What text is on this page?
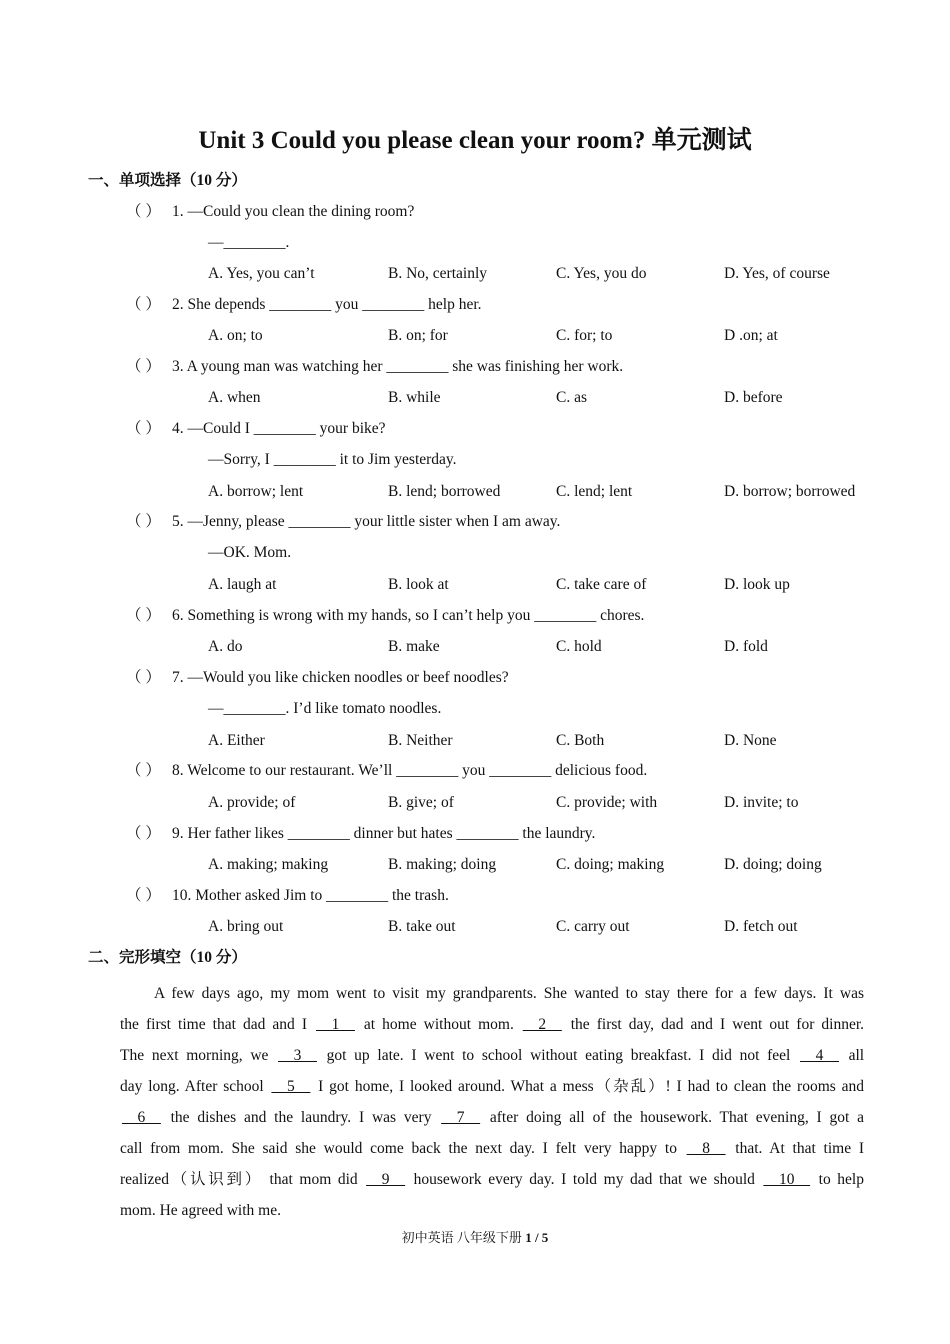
Unit 3 Could you please clean your room? 单元测试
一、单项选择（10 分）
（ ） 1. —Could you clean the dining room?
—________.
A. Yes, you can’t	B. No, certainly	C. Yes, you do	D. Yes, of course
（ ） 2. She depends ________ you ________ help her.
A. on; to	B. on; for	C. for; to	D .on; at
（ ） 3. A young man was watching her ________ she was finishing her work.
A. when	B. while	C. as	D. before
（ ） 4. —Could I ________ your bike?
—Sorry, I ________ it to Jim yesterday.
A. borrow; lent	B. lend; borrowed	C. lend; lent	D. borrow; borrowed
（ ） 5. —Jenny, please ________ your little sister when I am away.
—OK. Mom.
A. laugh at	B. look at	C. take care of	D. look up
（ ） 6. Something is wrong with my hands, so I can’t help you ________ chores.
A. do	B. make	C. hold	D. fold
（ ） 7. —Would you like chicken noodles or beef noodles?
—________. I’d like tomato noodles.
A. Either	B. Neither	C. Both	D. None
（ ） 8. Welcome to our restaurant. We’ll ________ you ________ delicious food.
A. provide; of	B. give; of	C. provide; with	D. invite; to
（ ） 9. Her father likes ________ dinner but hates ________ the laundry.
A. making; making	B. making; doing	C. doing; making	D. doing; doing
（ ） 10. Mother asked Jim to ________ the trash.
A. bring out	B. take out	C. carry out	D. fetch out
二、完形填空（10 分）
A few days ago, my mom went to visit my grandparents. She wanted to stay there for a few days. It was
the first time that dad and I __1__ at home without mom. __2__ the first day, dad and I went out for dinner.
The next morning, we __3__ got up late. I went to school without eating breakfast. I did not feel __4__ all
day long. After school __5__ I got home, I looked around. What a mess（杂乱）! I had to clean the rooms and
__6__ the dishes and the laundry. I was very __7__ after doing all of the housework. That evening, I got a
call from mom. She said she would come back the next day. I felt very happy to __8__ that. At that time I
realized（认识到） that mom did __9__ housework every day. I told my dad that we should __10__ to help
mom. He agreed with me.
初中英语 八年级下册 1 / 5
